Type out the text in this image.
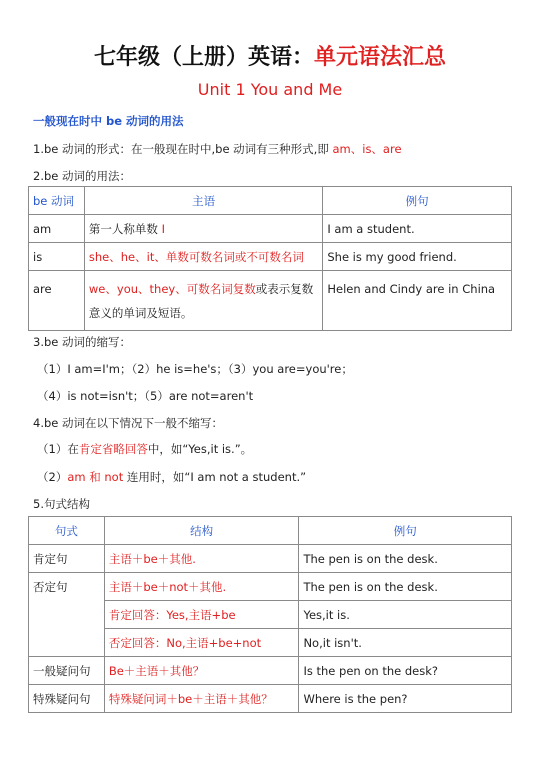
七年级（上册）英语：单元语法汇总
Unit 1 You and Me
一般现在时中 be 动词的用法
1.be 动词的形式：在一般现在时中,be 动词有三种形式,即 am、is、are
2.be 动词的用法：
be 动词	主语	例句
am	第一人称单数 I	I am a student.
is	she、he、it、单数可数名词或不可数名词	She is my good friend.
are	we、you、they、可数名词复数或表示复数意义的单词及短语。	Helen and Cindy are in China
3.be 动词的缩写：
（1）I am=I'm；（2）he is=he's；（3）you are=you're；
（4）is not=isn't；（5）are not=aren't
4.be 动词在以下情况下一般不缩写：
（1）在肯定省略回答中，如“Yes,it is.”。
（2）am 和 not 连用时，如“I am not a student.”
5.句式结构
句式	结构	例句
肯定句	主语＋be＋其他.	The pen is on the desk.
否定句	主语＋be＋not＋其他.	The pen is on the desk.
	肯定回答：Yes,主语+be	Yes,it is.
	否定回答：No,主语+be+not	No,it isn't.
一般疑问句	Be＋主语＋其他？	Is the pen on the desk?
特殊疑问句	特殊疑问词＋be＋主语＋其他？	Where is the pen?
